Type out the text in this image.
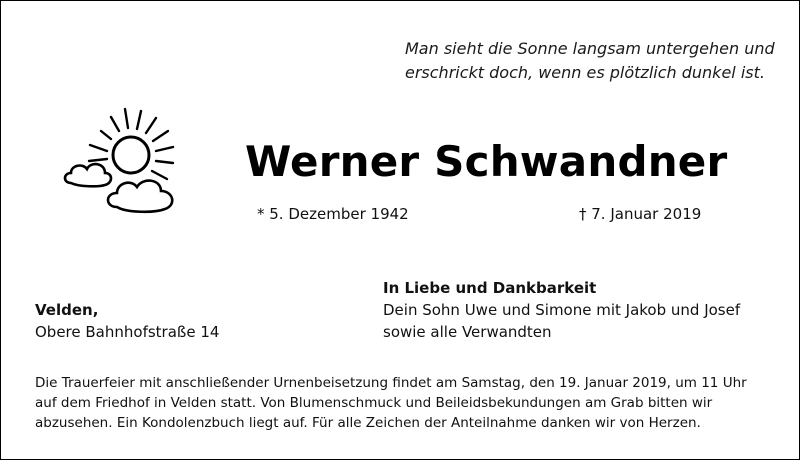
Man sieht die Sonne langsam untergehen und
erschrickt doch, wenn es plötzlich dunkel ist.
Werner Schwandner
* 5. Dezember 1942	† 7. Januar 2019
In Liebe und Dankbarkeit
Dein Sohn Uwe und Simone mit Jakob und Josef
sowie alle Verwandten
Velden,
Obere Bahnhofstraße 14
Die Trauerfeier mit anschließender Urnenbeisetzung findet am Samstag, den 19. Januar 2019, um 11 Uhr
auf dem Friedhof in Velden statt. Von Blumenschmuck und Beileidsbekundungen am Grab bitten wir
abzusehen. Ein Kondolenzbuch liegt auf. Für alle Zeichen der Anteilnahme danken wir von Herzen.
